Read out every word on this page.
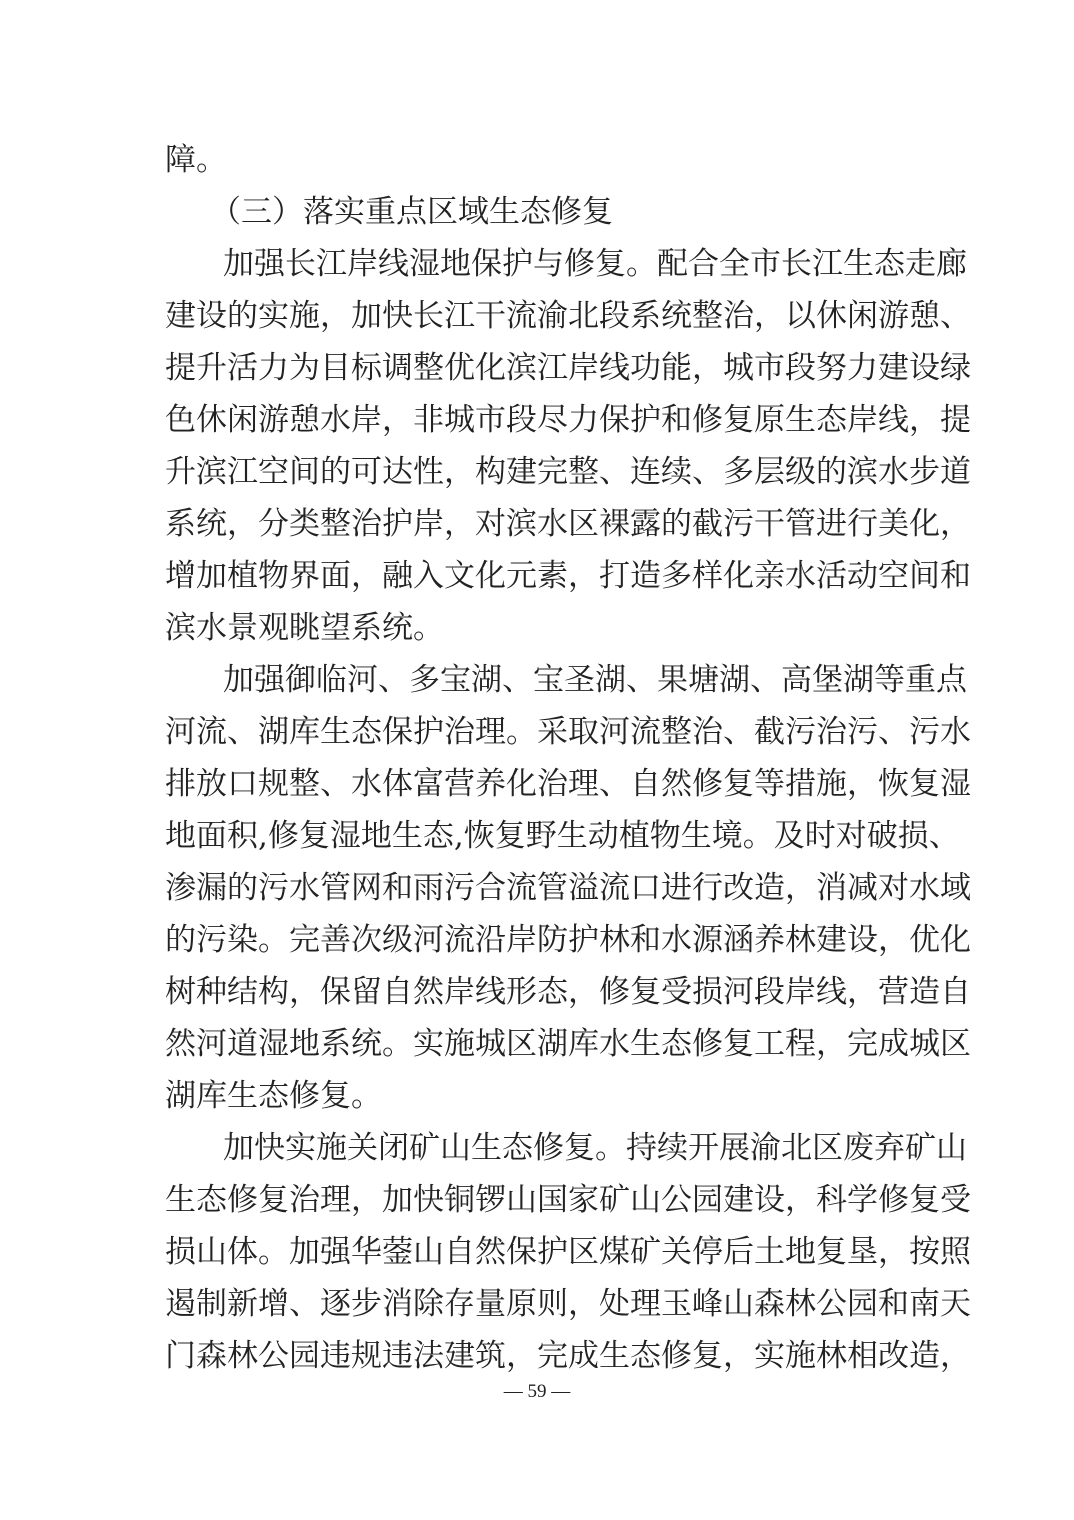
障。
（三）落实重点区域生态修复
加强长江岸线湿地保护与修复。配合全市长江生态走廊
建设的实施，加快长江干流渝北段系统整治，以休闲游憩、
提升活力为目标调整优化滨江岸线功能，城市段努力建设绿
色休闲游憩水岸，非城市段尽力保护和修复原生态岸线，提
升滨江空间的可达性，构建完整、连续、多层级的滨水步道
系统，分类整治护岸，对滨水区裸露的截污干管进行美化，
增加植物界面，融入文化元素，打造多样化亲水活动空间和
滨水景观眺望系统。
加强御临河、多宝湖、宝圣湖、果塘湖、高堡湖等重点
河流、湖库生态保护治理。采取河流整治、截污治污、污水
排放口规整、水体富营养化治理、自然修复等措施，恢复湿
地面积,修复湿地生态,恢复野生动植物生境。及时对破损、
渗漏的污水管网和雨污合流管溢流口进行改造，消减对水域
的污染。完善次级河流沿岸防护林和水源涵养林建设，优化
树种结构，保留自然岸线形态，修复受损河段岸线，营造自
然河道湿地系统。实施城区湖库水生态修复工程，完成城区
湖库生态修复。
加快实施关闭矿山生态修复。持续开展渝北区废弃矿山
生态修复治理，加快铜锣山国家矿山公园建设，科学修复受
损山体。加强华蓥山自然保护区煤矿关停后土地复垦，按照
遏制新增、逐步消除存量原则，处理玉峰山森林公园和南天
门森林公园违规违法建筑，完成生态修复，实施林相改造，
— 59 —
